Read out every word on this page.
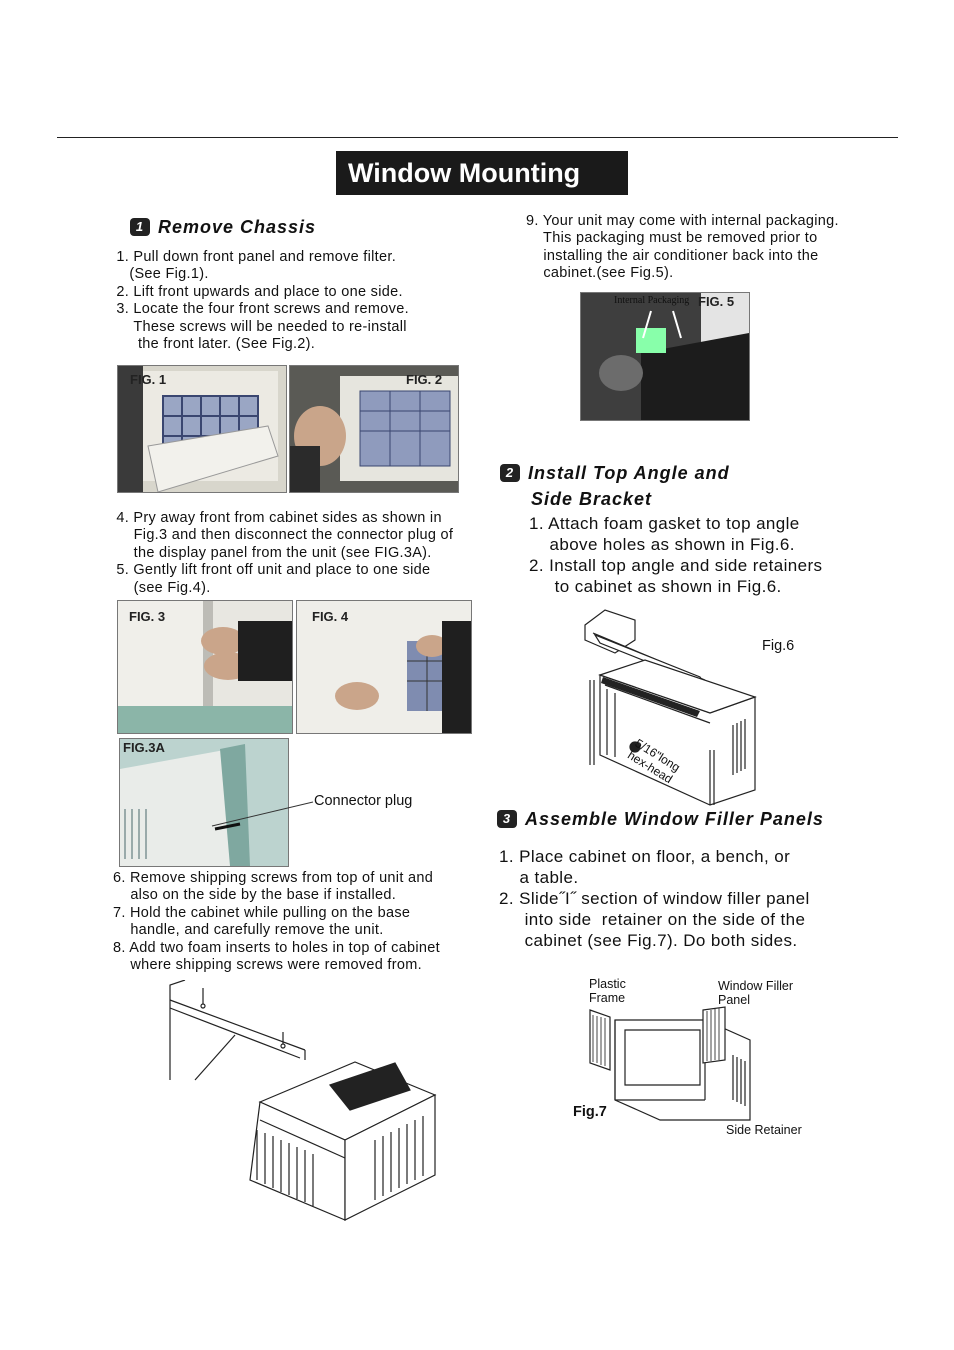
Window Mounting
1 Remove Chassis
1. Pull down front panel and remove filter.
(See Fig.1).
2. Lift front upwards and place to one side.
3. Locate the four front screws and remove.
These screws will be needed to re-install
the front later. (See Fig.2).
FIG. 1	FIG. 2
4. Pry away front from cabinet sides as shown in
Fig.3 and then disconnect the connector plug of
the display panel from the unit (see FIG.3A).
5. Gently lift front off unit and place to one side
(see Fig.4).
FIG. 3	FIG. 4
FIG.3A
Connector plug
6. Remove shipping screws from top of unit and
also on the side by the base if installed.
7. Hold the cabinet while pulling on the base
handle, and carefully remove the unit.
8. Add two foam inserts to holes in top of cabinet
where shipping screws were removed from.
9. Your unit may come with internal packaging.
This packaging must be removed prior to
installing the air conditioner back into the
cabinet.(see Fig.5).
Internal Packaging FIG. 5
2 Install Top Angle and
Side Bracket
1. Attach foam gasket to top angle
above holes as shown in Fig.6.
2. Install top angle and side retainers
to cabinet as shown in Fig.6.
5/16"long
hex-head
Fig.6
3 Assemble Window Filler Panels
1. Place cabinet on floor, a bench, or
a table.
2. Slide˝I˝ section of window filler panel
into side  retainer on the side of the
cabinet (see Fig.7). Do both sides.
Plastic
Frame
Window Filler
Panel
Side Retainer
Fig.7
